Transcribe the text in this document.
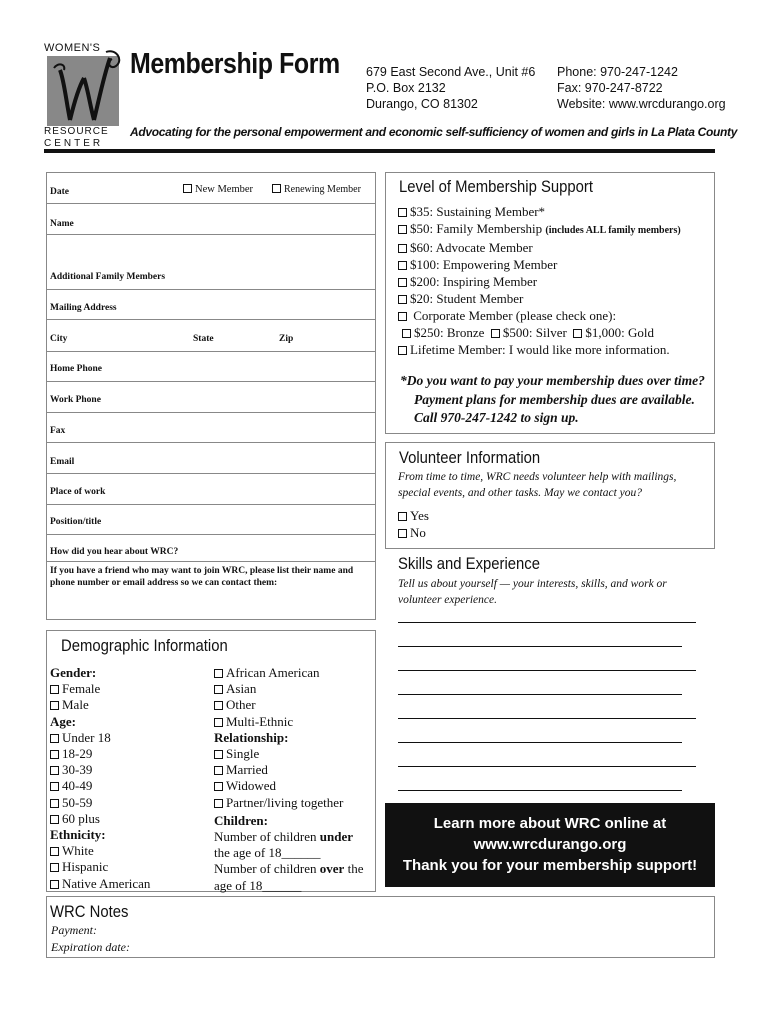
WOMEN'S
RESOURCE
CENTER
Membership Form 679 East Second Ave., Unit #6
P.O. Box 2132
Durango, CO 81302
Phone: 970-247-1242
Fax: 970-247-8722
Website: www.wrcdurango.org
Advocating for the personal empowerment and economic self-sufficiency of women and girls in La Plata County
Date	New Member	Renewing Member
Name
Additional Family Members
Mailing Address
City	State	Zip
Home Phone
Work Phone
Fax
Email
Place of work
Position/title
How did you hear about WRC?
If you have a friend who may want to join WRC, please list their name and phone number or email address so we can contact them:
Demographic Information
Gender:
Female
Male
Age:
Under 18
18-29
30-39
40-49
50-59
60 plus
Ethnicity:
White
Hispanic
Native American
African American
Asian
Other
Multi-Ethnic
Relationship:
Single
Married
Widowed
Partner/living together
Children:
Number of children under
the age of 18______
Number of children over the
age of 18______
Level of Membership Support
$35: Sustaining Member*
$50: Family Membership (includes ALL family members)
$60: Advocate Member
$100: Empowering Member
$200: Inspiring Member
$20: Student Member
Corporate Member (please check one):
$250: Bronze $500: Silver $1,000: Gold
Lifetime Member: I would like more information.
*Do you want to pay your membership dues over time? Payment plans for membership dues are available. Call 970-247-1242 to sign up.
Volunteer Information
From time to time, WRC needs volunteer help with mailings, special events, and other tasks. May we contact you?
Yes
No
Skills and Experience
Tell us about yourself — your interests, skills, and work or volunteer experience.
Learn more about WRC online at
www.wrcdurango.org
Thank you for your membership support!
WRC Notes
Payment:
Expiration date:
